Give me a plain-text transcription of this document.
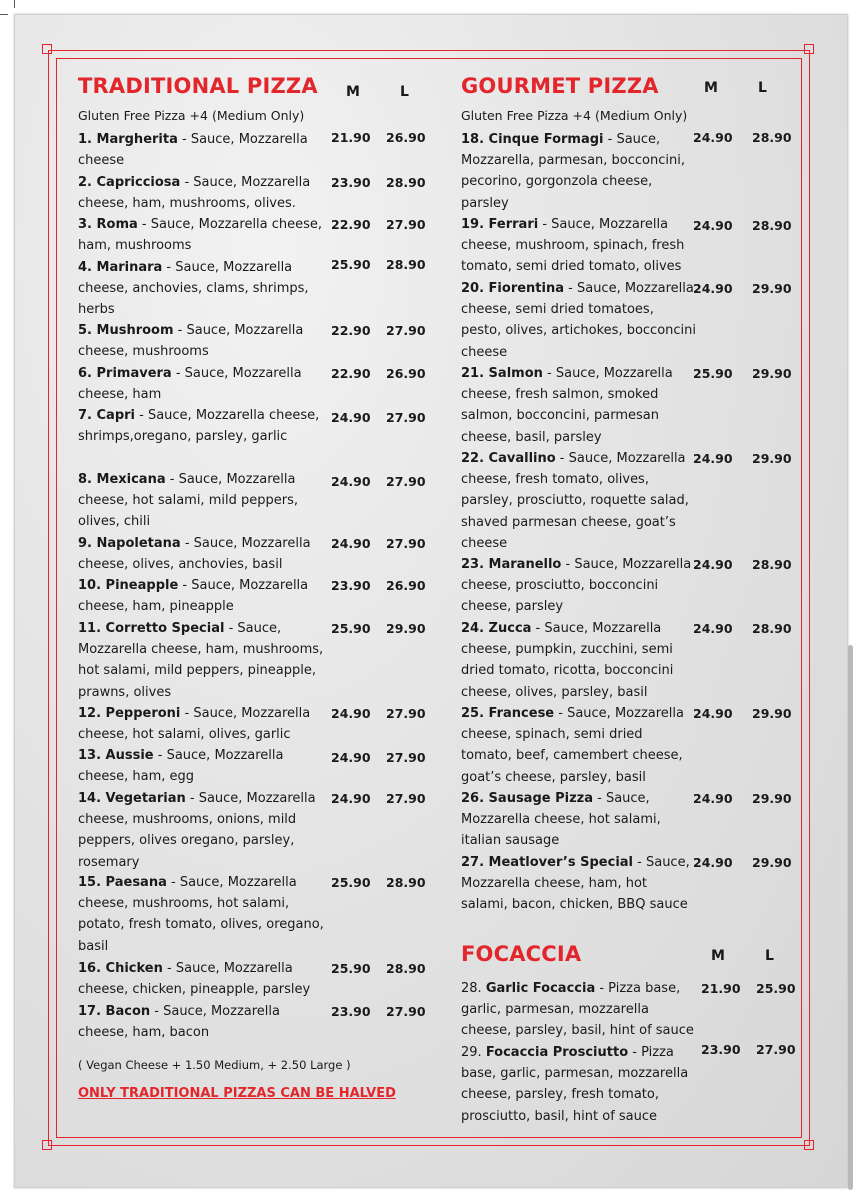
TRADITIONAL PIZZA M	L
Gluten Free Pizza +4 (Medium Only)
1. Margherita - Sauce, Mozzarella cheese
21.90 26.90
2. Capricciosa - Sauce, Mozzarella cheese, ham, mushrooms, olives.
23.90 28.90
3. Roma - Sauce, Mozzarella cheese, ham, mushrooms
22.90 27.90
4. Marinara - Sauce, Mozzarella cheese, anchovies, clams, shrimps, herbs
25.90 28.90
5. Mushroom - Sauce, Mozzarella cheese, mushrooms
22.90 27.90
6. Primavera - Sauce, Mozzarella cheese, ham
22.90 26.90
7. Capri - Sauce, Mozzarella cheese, shrimps,oregano, parsley, garlic
24.90 27.90
8. Mexicana - Sauce, Mozzarella cheese, hot salami, mild peppers, olives, chili
24.90 27.90
9. Napoletana - Sauce, Mozzarella cheese, olives, anchovies, basil
24.90 27.90
10. Pineapple - Sauce, Mozzarella cheese, ham, pineapple
23.90 26.90
11. Corretto Special - Sauce, Mozzarella cheese, ham, mushrooms, hot salami, mild peppers, pineapple, prawns, olives
25.90 29.90
12. Pepperoni - Sauce, Mozzarella cheese, hot salami, olives, garlic
24.90 27.90
13. Aussie - Sauce, Mozzarella cheese, ham, egg
24.90 27.90
14. Vegetarian - Sauce, Mozzarella cheese, mushrooms, onions, mild peppers, olives oregano, parsley, rosemary
24.90 27.90
15. Paesana - Sauce, Mozzarella cheese, mushrooms, hot salami, potato, fresh tomato, olives, oregano, basil
25.90 28.90
16. Chicken - Sauce, Mozzarella cheese, chicken, pineapple, parsley
25.90 28.90
17. Bacon - Sauce, Mozzarella cheese, ham, bacon
23.90 27.90
( Vegan Cheese + 1.50 Medium, + 2.50 Large )
ONLY TRADITIONAL PIZZAS CAN BE HALVED
GOURMET PIZZA	M	L
Gluten Free Pizza +4 (Medium Only)
18. Cinque Formagi - Sauce, Mozzarella, parmesan, bocconcini, pecorino, gorgonzola cheese, parsley
24.90 28.90
19. Ferrari - Sauce, Mozzarella cheese, mushroom, spinach, fresh tomato, semi dried tomato, olives
24.90 28.90
20. Fiorentina - Sauce, Mozzarella cheese, semi dried tomatoes, pesto, olives, artichokes, bocconcini cheese
24.90 29.90
21. Salmon - Sauce, Mozzarella cheese, fresh salmon, smoked salmon, bocconcini, parmesan cheese, basil, parsley
25.90 29.90
22. Cavallino - Sauce, Mozzarella cheese, fresh tomato, olives, parsley, prosciutto, roquette salad, shaved parmesan cheese, goat’s cheese
24.90 29.90
23. Maranello - Sauce, Mozzarella cheese, prosciutto, bocconcini cheese, parsley
24.90 28.90
24. Zucca - Sauce, Mozzarella cheese, pumpkin, zucchini, semi dried tomato, ricotta, bocconcini cheese, olives, parsley, basil
24.90 28.90
25. Francese - Sauce, Mozzarella cheese, spinach, semi dried tomato, beef, camembert cheese, goat’s cheese, parsley, basil
24.90 29.90
26. Sausage Pizza - Sauce, Mozzarella cheese, hot salami, italian sausage
24.90 29.90
27. Meatlover’s Special - Sauce, Mozzarella cheese, ham, hot salami, bacon, chicken, BBQ sauce
24.90 29.90
FOCACCIA	M	L
28. Garlic Focaccia - Pizza base, garlic, parmesan, mozzarella cheese, parsley, basil, hint of sauce
21.90 25.90
29. Focaccia Prosciutto - Pizza base, garlic, parmesan, mozzarella cheese, parsley, fresh tomato, prosciutto, basil, hint of sauce
23.90 27.90
